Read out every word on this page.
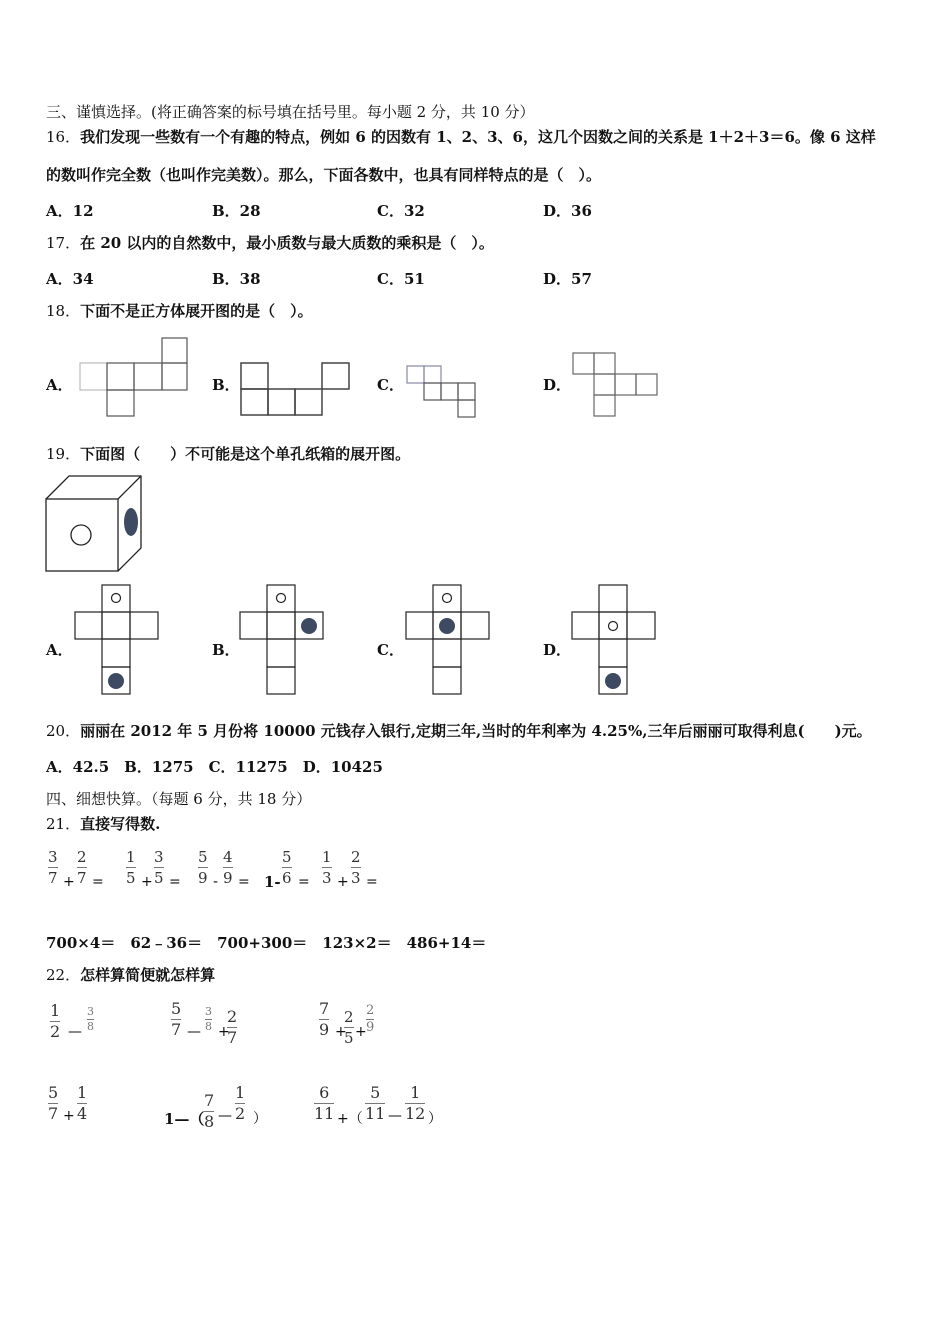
三、谨慎选择。(将正确答案的标号填在括号里。每小题 2 分，共 10 分）
16．我们发现一些数有一个有趣的特点，例如 6 的因数有 1、2、3、6，这几个因数之间的关系是 1＋2＋3＝6。像 6 这样
的数叫作完全数（也叫作完美数）。那么，下面各数中，也具有同样特点的是（　）。
A．12	B．28	C．32	D．36
17．在 20 以内的自然数中，最小质数与最大质数的乘积是（　）。
A．34	B．38	C．51	D．57
18．下面不是正方体展开图的是（　）。
A．	B．	C．	D．
19．下面图（　　）不可能是这个单孔纸箱的展开图。
A．	B．	C．	D．
20．丽丽在 2012 年 5 月份将 10000 元钱存入银行,定期三年,当时的年利率为 4.25%,三年后丽丽可取得利息(　　)元。
A．42.5　B．1275　C．11275　D．10425
四、细想快算。（每题 6 分，共 18 分）
21．直接写得数.
3
7 +
2
7 =
1
5 +
3
5 =
5
9 -
4
9 = 1-
5
6 =
1
3 +
2
3 =
700×4＝　62﹣36＝　700+300＝　123×2＝　486+14＝
22．怎样算简便就怎样算
1
2 —
3
8
5
7 —
3
8 +
2
7
7
9 +
2
5 +
2
9
5
7 +
1
4	1—（
7
8 —
1
2 ）
6
11 +（
5
11 —
1
12 ）
